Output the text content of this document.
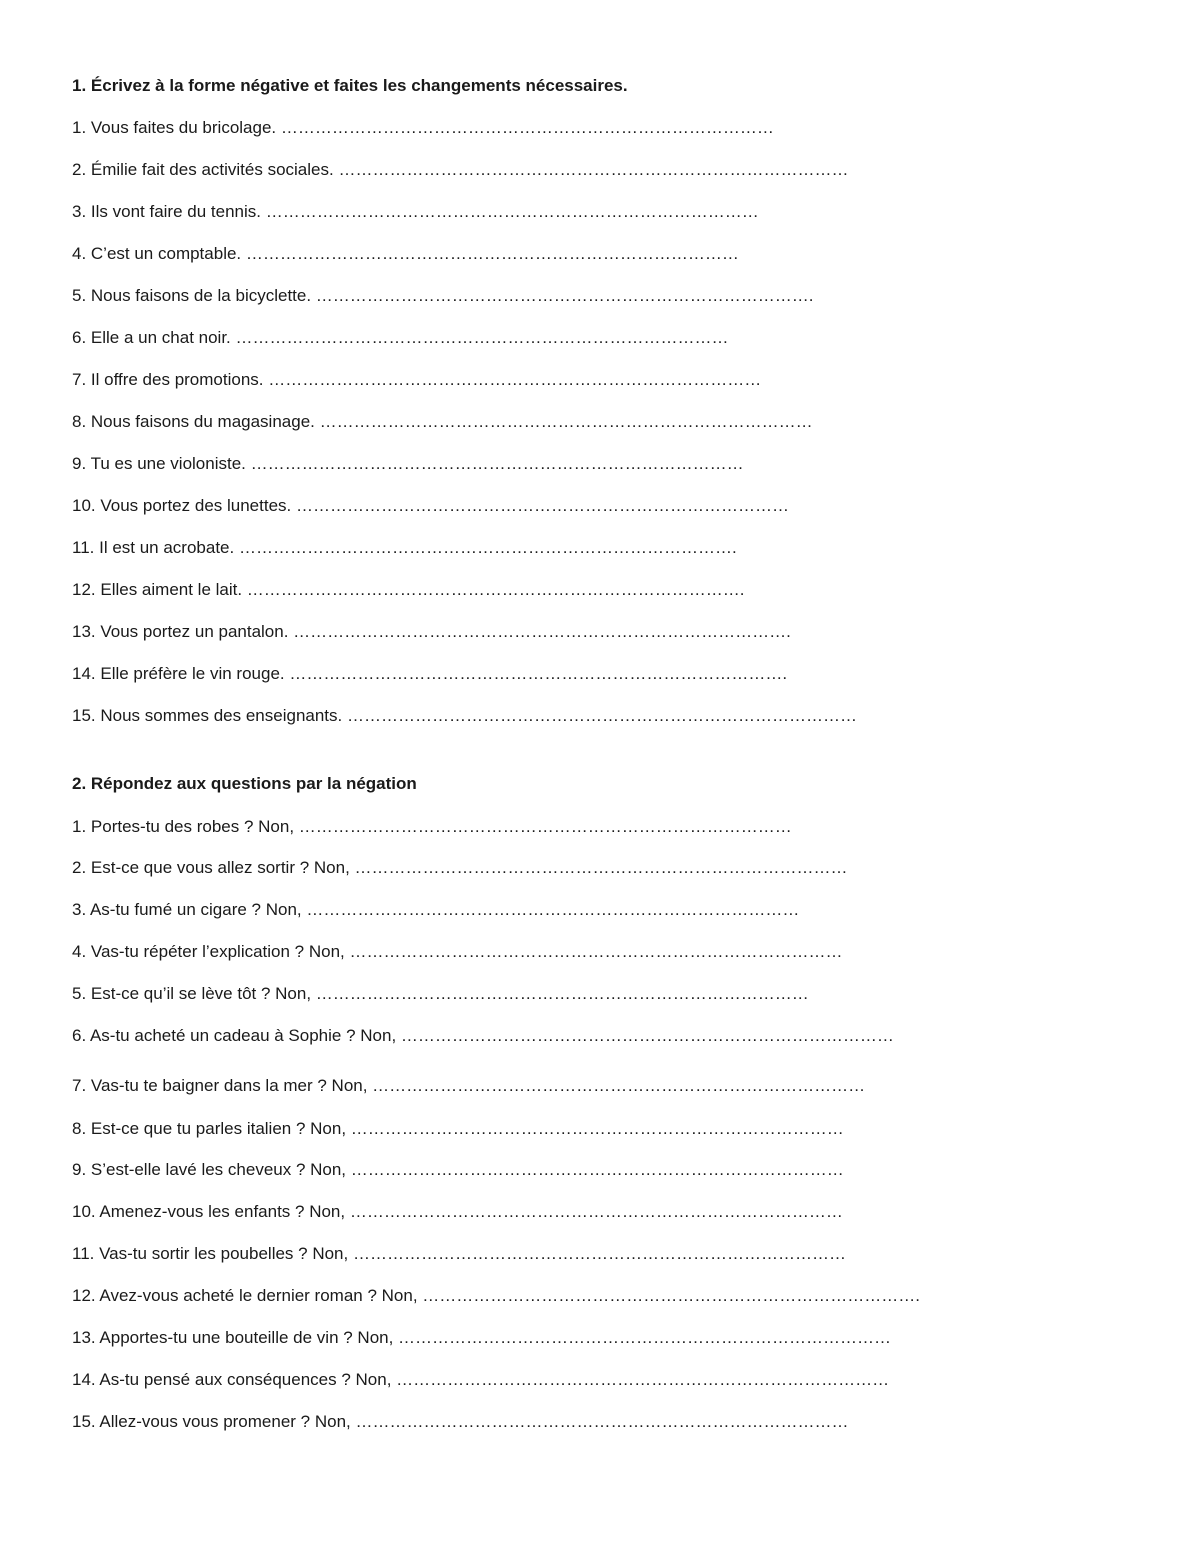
1. Écrivez à la forme négative et faites les changements nécessaires.
1. Vous faites du bricolage. ……………………………………………………………………………
2. Émilie fait des activités sociales. ………………………………………………………………………………
3. Ils vont faire du tennis. ……………………………………………………………………………
4. C’est un comptable. ……………………………………………………………………………
5. Nous faisons de la bicyclette. …………………………………………………………………………….
6. Elle a un chat noir. ……………………………………………………………………………
7. Il offre des promotions. ……………………………………………………………………………
8. Nous faisons du magasinage. ……………………………………………………………………………
9. Tu es une violoniste. ……………………………………………………………………………
10. Vous portez des lunettes. ……………………………………………………………………………
11. Il est un acrobate. …………………………………………………………………………….
12. Elles aiment le lait. …………………………………………………………………………….
13. Vous portez un pantalon. …………………………………………………………………………….
14. Elle préfère le vin rouge. …………………………………………………………………………….
15. Nous sommes des enseignants. ………………………………………………………………………………
2. Répondez aux questions par la négation
1. Portes-tu des robes ? Non, ……………………………………………………………………………
2. Est-ce que vous allez sortir ? Non, ……………………………………………………………………………
3. As-tu fumé un cigare ? Non, ……………………………………………………………………………
4. Vas-tu répéter l’explication ? Non, ……………………………………………………………………………
5. Est-ce qu’il se lève tôt ? Non, ……………………………………………………………………………
6. As-tu acheté un cadeau à Sophie ? Non, ……………………………………………………………………………
7. Vas-tu te baigner dans la mer ? Non, ……………………………………………………………………………
8. Est-ce que tu parles italien ? Non, ……………………………………………………………………………
9. S’est-elle lavé les cheveux ? Non, ……………………………………………………………………………
10. Amenez-vous les enfants ? Non, ……………………………………………………………………………
11. Vas-tu sortir les poubelles ? Non, ……………………………………………………………………………
12. Avez-vous acheté le dernier roman ? Non, …………………………………………………………………………….
13. Apportes-tu une bouteille de vin ? Non, ……………………………………………………………………………
14. As-tu pensé aux conséquences ? Non, ……………………………………………………………………………
15. Allez-vous vous promener ? Non, ……………………………………………………………………………
